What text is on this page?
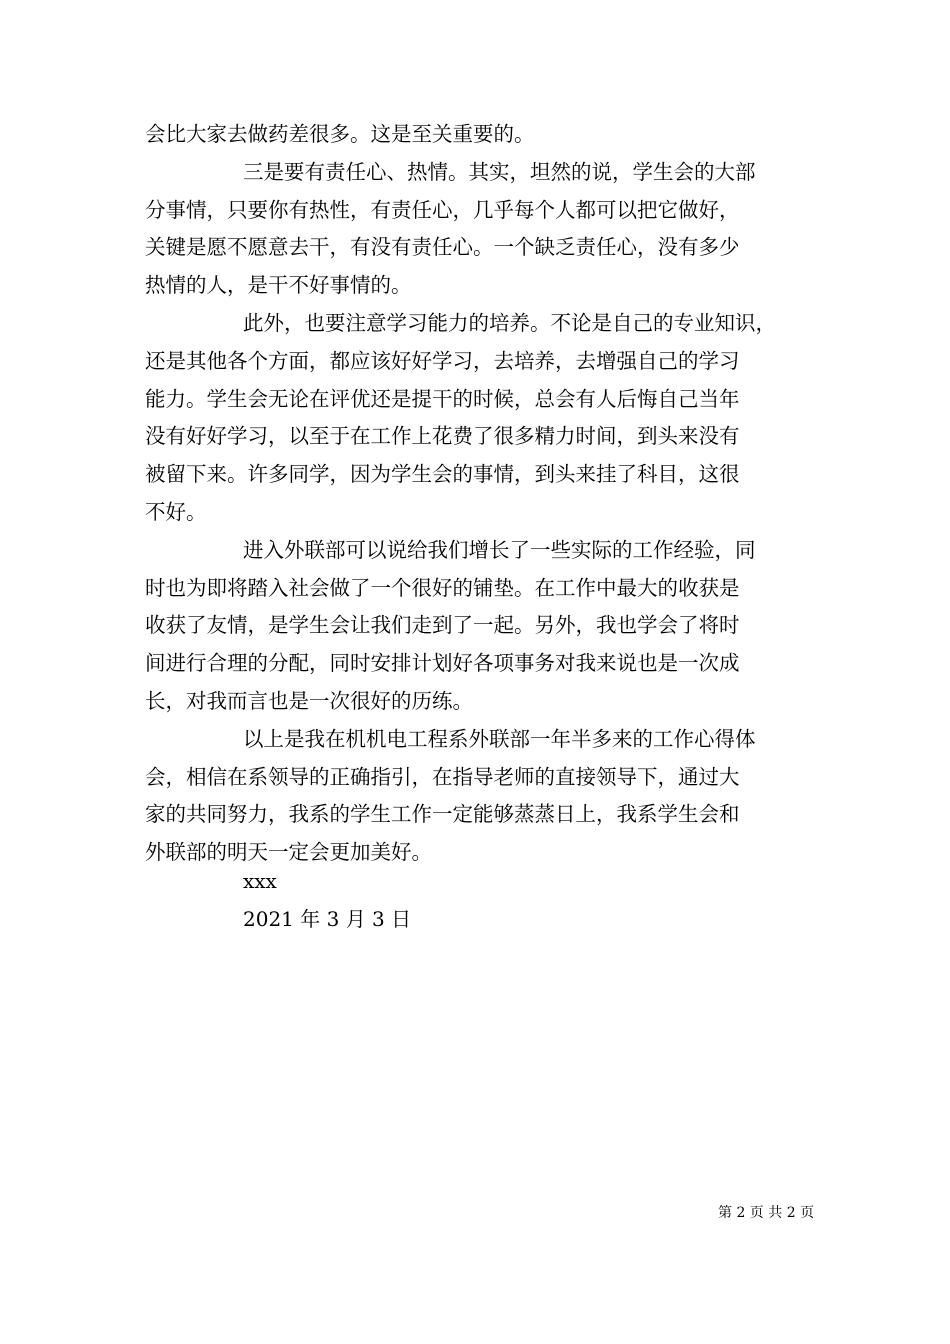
会比大家去做药差很多。这是至关重要的。
三是要有责任心、热情。其实，坦然的说，学生会的大部
分事情，只要你有热性，有责任心，几乎每个人都可以把它做好，
关键是愿不愿意去干，有没有责任心。一个缺乏责任心，没有多少
热情的人，是干不好事情的。
此外，也要注意学习能力的培养。不论是自己的专业知识，
还是其他各个方面，都应该好好学习，去培养，去增强自己的学习
能力。学生会无论在评优还是提干的时候，总会有人后悔自己当年
没有好好学习，以至于在工作上花费了很多精力时间，到头来没有
被留下来。许多同学，因为学生会的事情，到头来挂了科目，这很
不好。
进入外联部可以说给我们增长了一些实际的工作经验，同
时也为即将踏入社会做了一个很好的铺垫。在工作中最大的收获是
收获了友情，是学生会让我们走到了一起。另外，我也学会了将时
间进行合理的分配，同时安排计划好各项事务对我来说也是一次成
长，对我而言也是一次很好的历练。
以上是我在机机电工程系外联部一年半多来的工作心得体
会，相信在系领导的正确指引，在指导老师的直接领导下，通过大
家的共同努力，我系的学生工作一定能够蒸蒸日上，我系学生会和
外联部的明天一定会更加美好。
xxx
2021 年 3 月 3 日
第 2 页 共 2 页
